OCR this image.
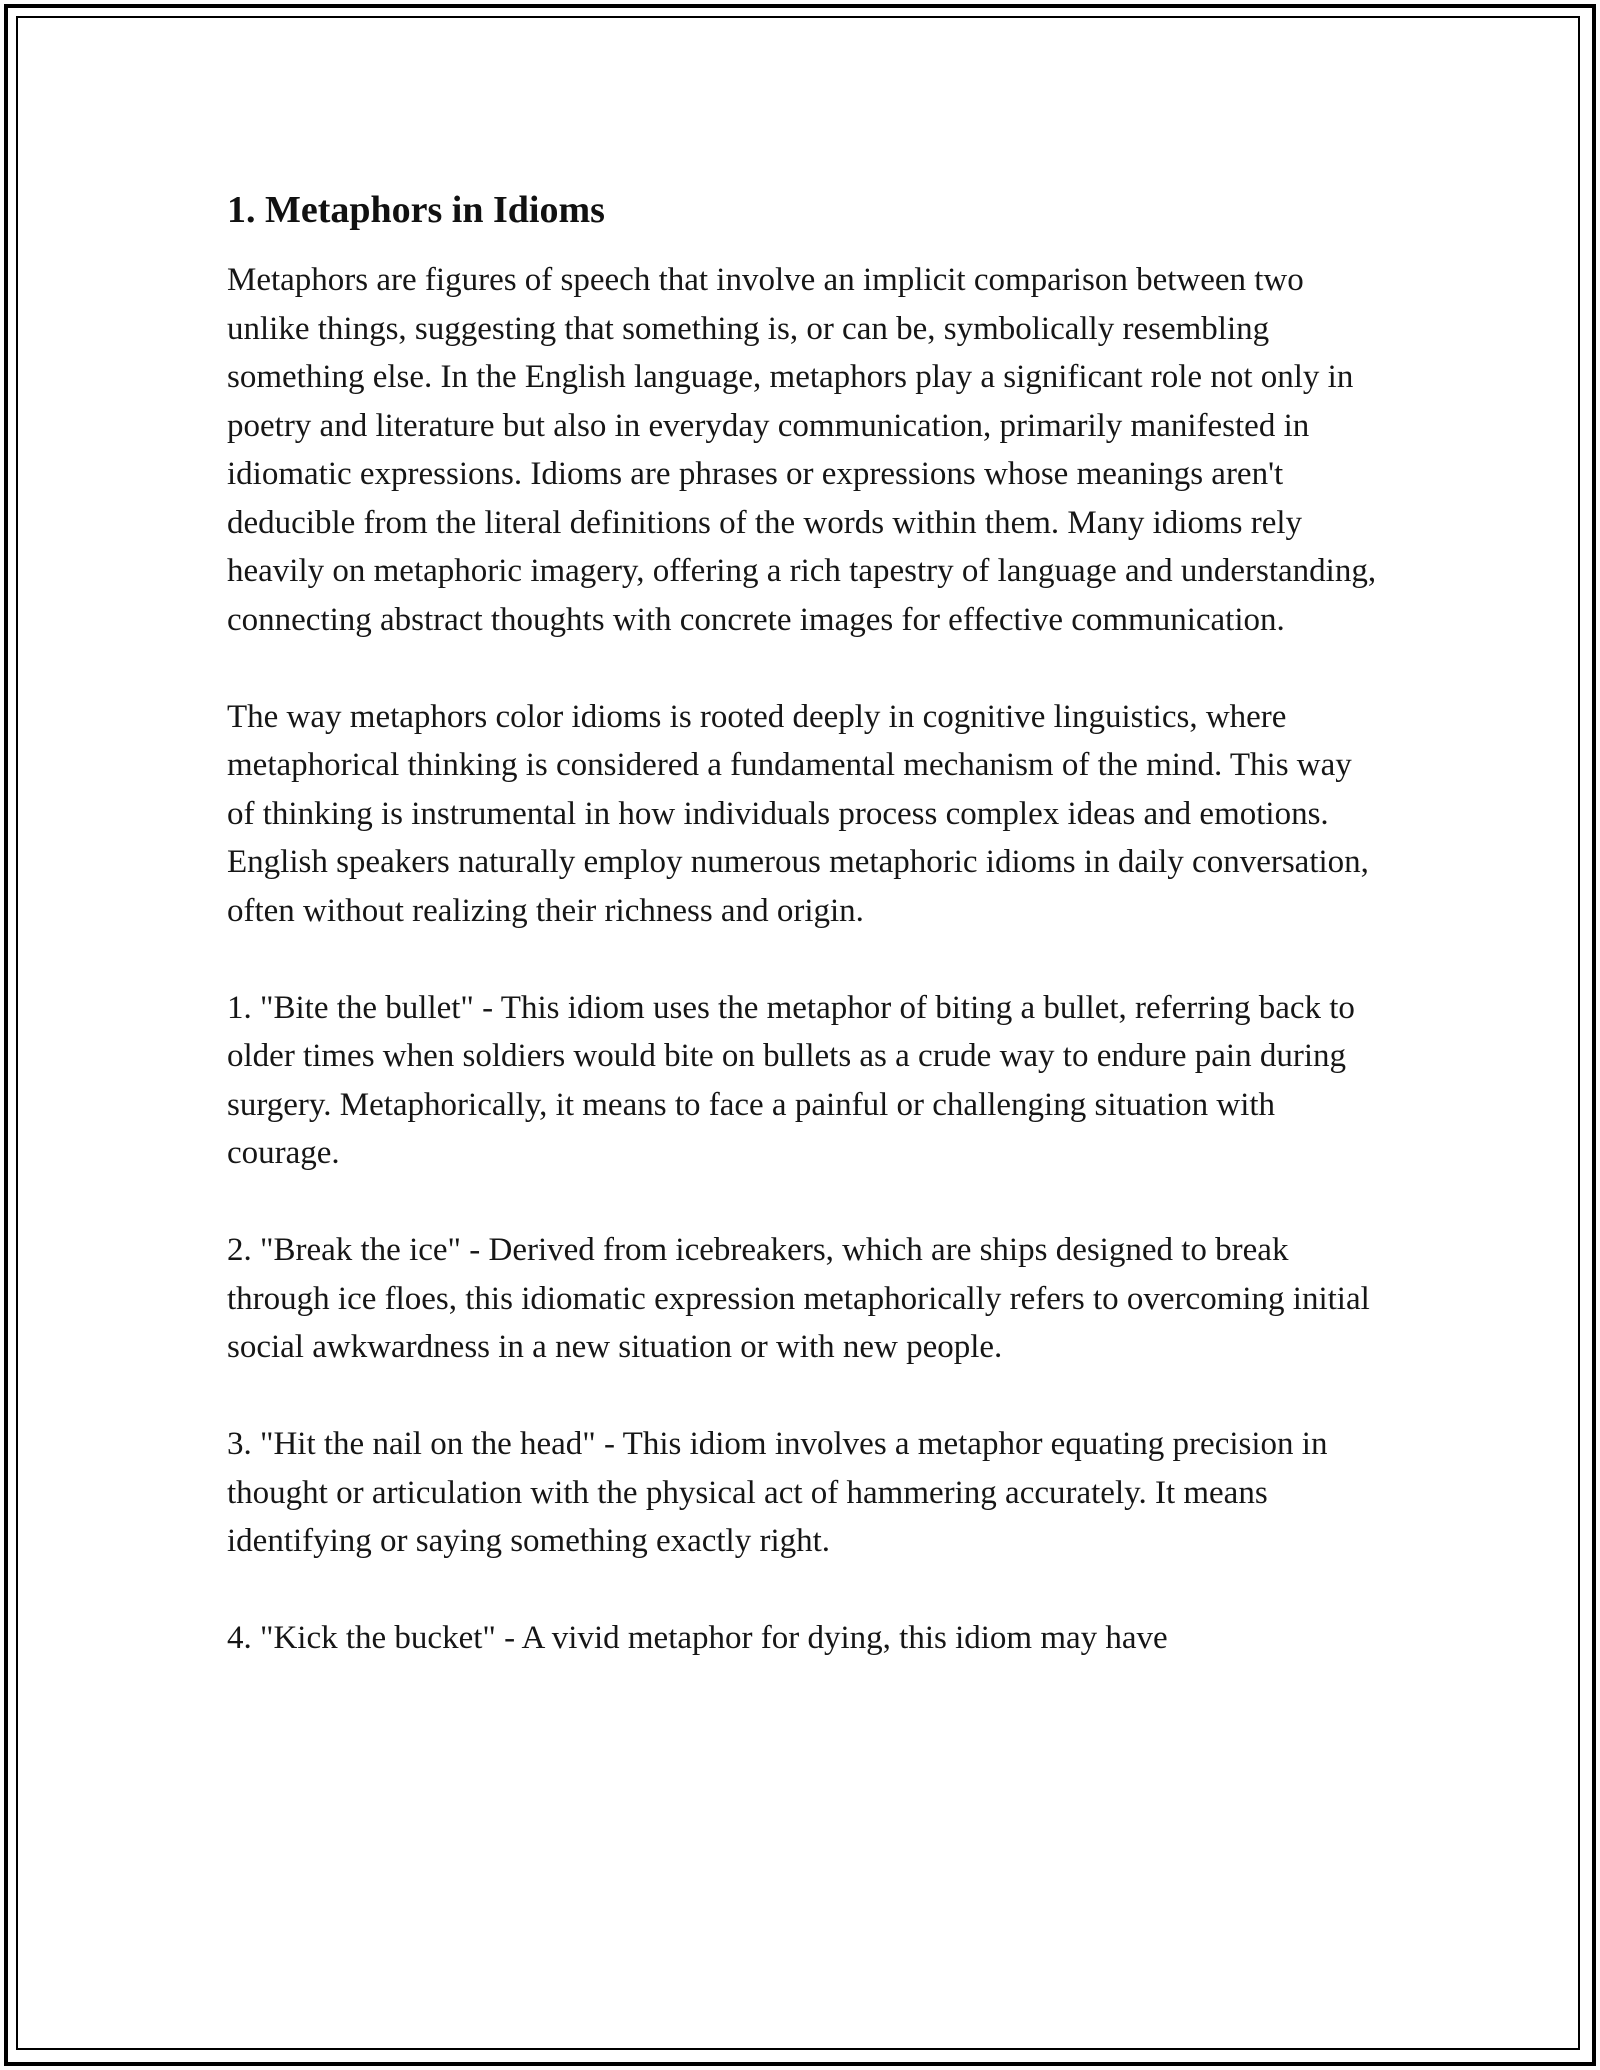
1. Metaphors in Idioms

Metaphors are figures of speech that involve an implicit comparison between two unlike things, suggesting that something is, or can be, symbolically resembling something else. In the English language, metaphors play a significant role not only in poetry and literature but also in everyday communication, primarily manifested in idiomatic expressions. Idioms are phrases or expressions whose meanings aren't deducible from the literal definitions of the words within them. Many idioms rely heavily on metaphoric imagery, offering a rich tapestry of language and understanding, connecting abstract thoughts with concrete images for effective communication.

The way metaphors color idioms is rooted deeply in cognitive linguistics, where metaphorical thinking is considered a fundamental mechanism of the mind. This way of thinking is instrumental in how individuals process complex ideas and emotions. English speakers naturally employ numerous metaphoric idioms in daily conversation, often without realizing their richness and origin.

1. "Bite the bullet" - This idiom uses the metaphor of biting a bullet, referring back to older times when soldiers would bite on bullets as a crude way to endure pain during surgery. Metaphorically, it means to face a painful or challenging situation with courage.

2. "Break the ice" - Derived from icebreakers, which are ships designed to break through ice floes, this idiomatic expression metaphorically refers to overcoming initial social awkwardness in a new situation or with new people.

3. "Hit the nail on the head" - This idiom involves a metaphor equating precision in thought or articulation with the physical act of hammering accurately. It means identifying or saying something exactly right.

4. "Kick the bucket" - A vivid metaphor for dying, this idiom may have
